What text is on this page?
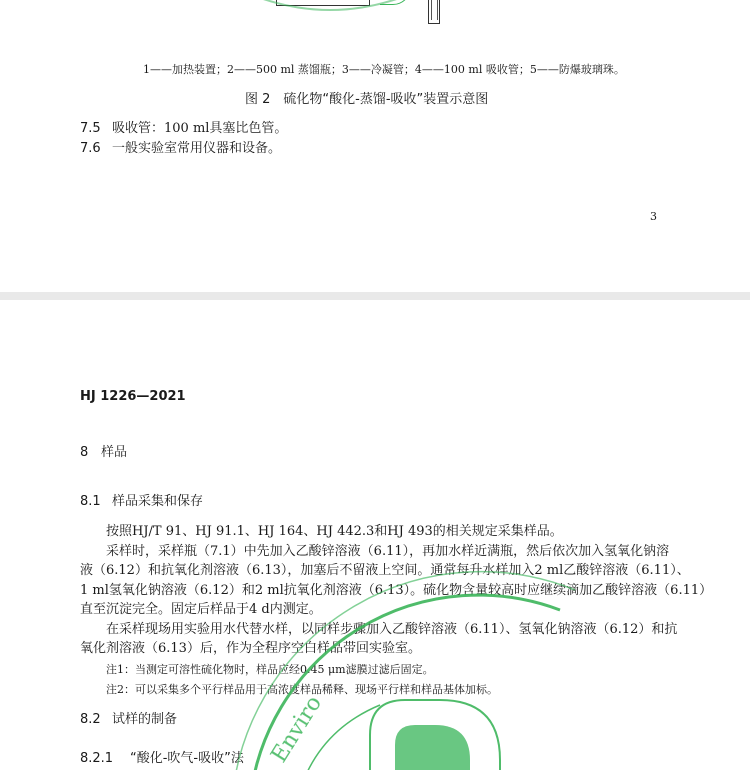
1——加热装置；2——500 ml 蒸馏瓶；3——冷凝管；4——100 ml 吸收管；5——防爆玻璃珠。
图 2　硫化物“酸化-蒸馏-吸收”装置示意图
7.5 吸收管：100 ml具塞比色管。
7.6 一般实验室常用仪器和设备。
3
HJ 1226—2021
8 样品
8.1 样品采集和保存
按照HJ/T 91、HJ 91.1、HJ 164、HJ 442.3和HJ 493的相关规定采集样品。
采样时，采样瓶（7.1）中先加入乙酸锌溶液（6.11），再加水样近满瓶，然后依次加入氢氧化钠溶
液（6.12）和抗氧化剂溶液（6.13），加塞后不留液上空间。通常每升水样加入2 ml乙酸锌溶液（6.11）、
1 ml氢氧化钠溶液（6.12）和2 ml抗氧化剂溶液（6.13）。硫化物含量较高时应继续滴加乙酸锌溶液（6.11）
直至沉淀完全。固定后样品于4 d内测定。
在采样现场用实验用水代替水样，以同样步骤加入乙酸锌溶液（6.11）、氢氧化钠溶液（6.12）和抗
氧化剂溶液（6.13）后，作为全程序空白样品带回实验室。
注1：当测定可溶性硫化物时，样品应经0.45 μm滤膜过滤后固定。
注2：可以采集多个平行样品用于高浓度样品稀释、现场平行样和样品基体加标。
8.2 试样的制备
8.2.1 “酸化-吹气-吸收”法 Enviro
